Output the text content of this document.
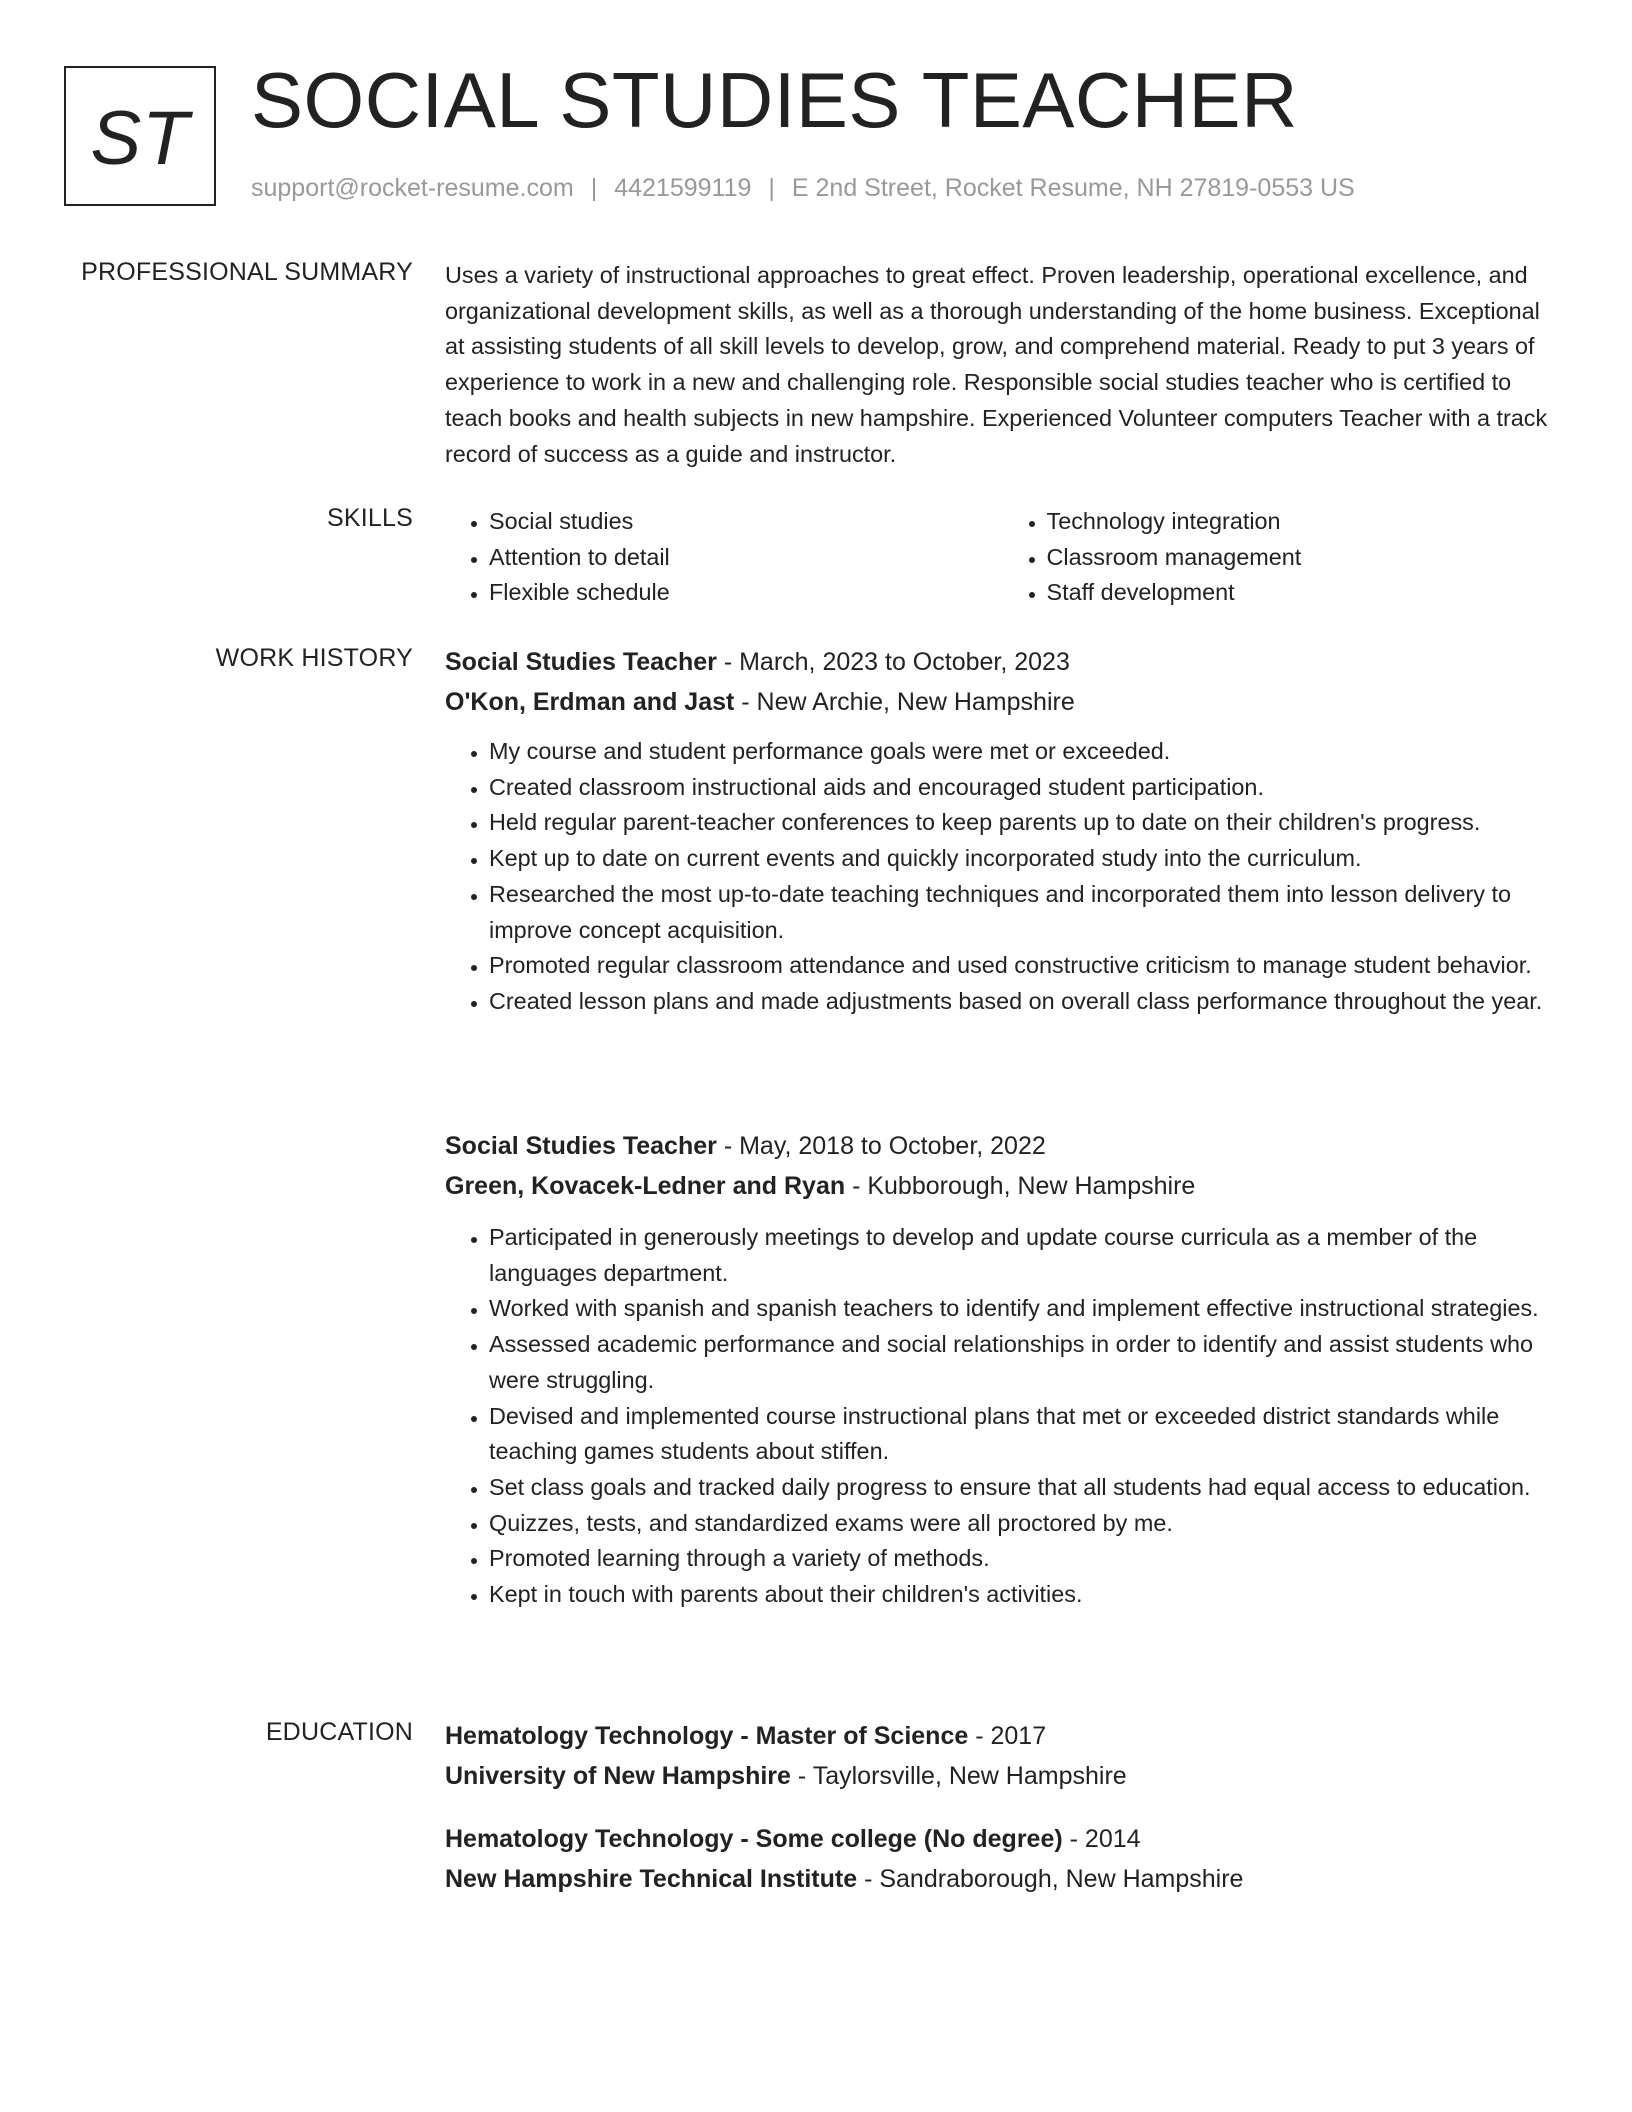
ST SOCIAL STUDIES TEACHER
support@rocket-resume.com | 4421599119 | E 2nd Street, Rocket Resume, NH 27819-0553 US
PROFESSIONAL SUMMARY Uses a variety of instructional approaches to great effect. Proven leadership, operational excellence, and organizational development skills, as well as a thorough understanding of the home business. Exceptional at assisting students of all skill levels to develop, grow, and comprehend material. Ready to put 3 years of experience to work in a new and challenging role. Responsible social studies teacher who is certified to teach books and health subjects in new hampshire. Experienced Volunteer computers Teacher with a track record of success as a guide and instructor.

SKILLS
•	Social studies
• Attention to detail
• Flexible schedule
• Technology integration
• Classroom management
• Staff development
WORK HISTORY Social Studies Teacher - March, 2023 to October, 2023
O'Kon, Erdman and Jast - New Archie, New Hampshire
• My course and student performance goals were met or exceeded.
• Created classroom instructional aids and encouraged student participation.
• Held regular parent-teacher conferences to keep parents up to date on their children's progress.
• Kept up to date on current events and quickly incorporated study into the curriculum.
• Researched the most up-to-date teaching techniques and incorporated them into lesson delivery to improve concept acquisition.
• Promoted regular classroom attendance and used constructive criticism to manage student behavior.
• Created lesson plans and made adjustments based on overall class performance throughout the year.
Social Studies Teacher - May, 2018 to October, 2022
Green, Kovacek-Ledner and Ryan - Kubborough, New Hampshire
• Participated in generously meetings to develop and update course curricula as a member of the languages department.
• Worked with spanish and spanish teachers to identify and implement effective instructional strategies.
• Assessed academic performance and social relationships in order to identify and assist students who were struggling.
• Devised and implemented course instructional plans that met or exceeded district standards while teaching games students about stiffen.
• Set class goals and tracked daily progress to ensure that all students had equal access to education.
• Quizzes, tests, and standardized exams were all proctored by me.
• Promoted learning through a variety of methods.
• Kept in touch with parents about their children's activities.
EDUCATION Hematology Technology - Master of Science - 2017
University of New Hampshire - Taylorsville, New Hampshire
Hematology Technology - Some college (No degree) - 2014
New Hampshire Technical Institute - Sandraborough, New Hampshire
